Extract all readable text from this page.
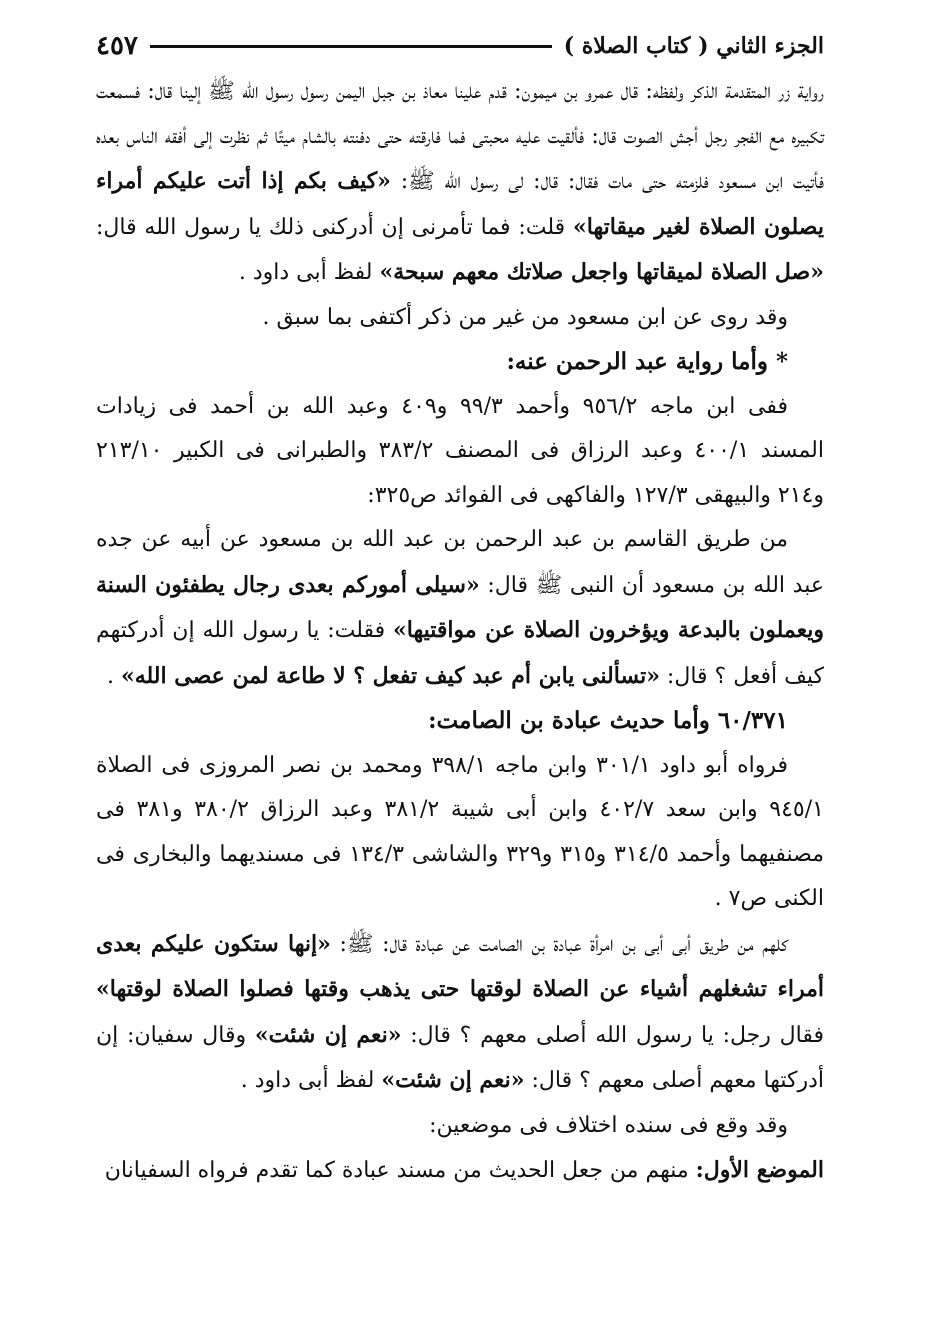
الجزء الثاني ( كتاب الصلاة )
٤٥٧

رواية زر المتقدمة الذكر ولفظه: قال عمرو بن ميمون: قدم علينا معاذ بن جبل اليمن رسول رسول الله ﷺ إلينا قال: فسمعت تكبيره مع الفجر رجل أجش الصوت قال: فألقيت عليه محبتى فما فارقته حتى دفنته بالشام ميتًا ثم نظرت إلى أفقه الناس بعده فأتيت ابن مسعود فلزمته حتى مات فقال: قال: لى رسول الله ﷺ: «كيف بكم إذا أتت عليكم أمراء يصلون الصلاة لغير ميقاتها» قلت: فما تأمرنى إن أدركنى ذلك يا رسول الله قال: «صل الصلاة لميقاتها واجعل صلاتك معهم سبحة» لفظ أبى داود .

وقد روى عن ابن مسعود من غير من ذكر أكتفى بما سبق .

* وأما رواية عبد الرحمن عنه:

ففى ابن ماجه ٩٥٦/٢ وأحمد ٩٩/٣ و٤٠٩ وعبد الله بن أحمد فى زيادات المسند ٤٠٠/١ وعبد الرزاق فى المصنف ٣٨٣/٢ والطبرانى فى الكبير ٢١٣/١٠ و٢١٤ والبيهقى ١٢٧/٣ والفاكهى فى الفوائد ص٣٢٥:

من طريق القاسم بن عبد الرحمن بن عبد الله بن مسعود عن أبيه عن جده عبد الله بن مسعود أن النبى ﷺ قال: «سيلى أموركم بعدى رجال يطفئون السنة ويعملون بالبدعة ويؤخرون الصلاة عن مواقتيها» فقلت: يا رسول الله إن أدركتهم كيف أفعل ؟ قال: «تسألنى يابن أم عبد كيف تفعل ؟ لا طاعة لمن عصى الله» .

٦٠/٣٧١ وأما حديث عبادة بن الصامت:

فرواه أبو داود ٣٠١/١ وابن ماجه ٣٩٨/١ ومحمد بن نصر المروزى فى الصلاة ٩٤٥/١ وابن سعد ٤٠٢/٧ وابن أبى شيبة ٣٨١/٢ وعبد الرزاق ٣٨٠/٢ و٣٨١ فى مصنفيهما وأحمد ٣١٤/٥ و٣١٥ و٣٢٩ والشاشى ١٣٤/٣ فى مسنديهما والبخارى فى الكنى ص٧ .

كلهم من طريق أبى أبى بن امرأة عبادة بن الصامت عن عبادة قال: ﷺ: «إنها ستكون عليكم بعدى أمراء تشغلهم أشياء عن الصلاة لوقتها حتى يذهب وقتها فصلوا الصلاة لوقتها» فقال رجل: يا رسول الله أصلى معهم ؟ قال: «نعم إن شئت» وقال سفيان: إن أدركتها معهم أصلى معهم ؟ قال: «نعم إن شئت» لفظ أبى داود .

وقد وقع فى سنده اختلاف فى موضعين:

الموضع الأول: منهم من جعل الحديث من مسند عبادة كما تقدم فرواه السفيانان
